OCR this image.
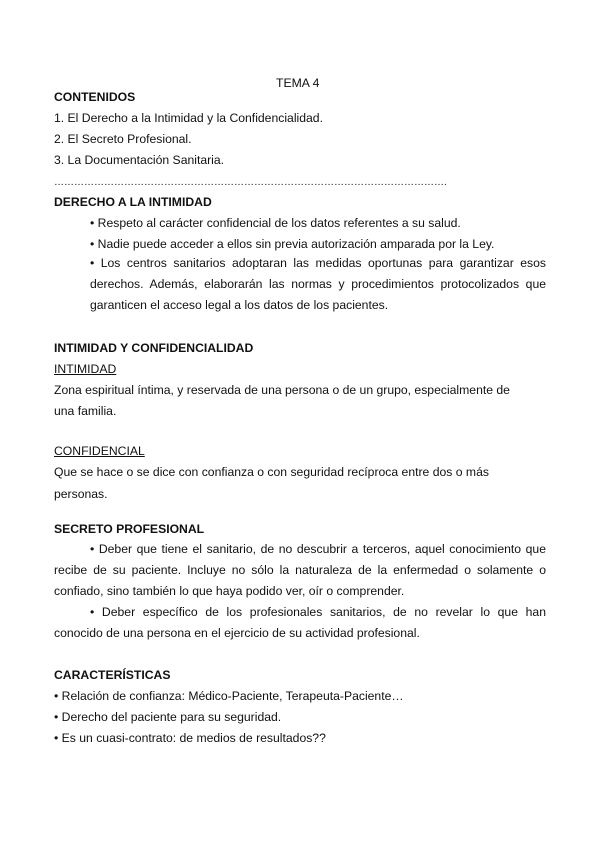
TEMA 4
CONTENIDOS
1. El Derecho a la Intimidad y la Confidencialidad.
2. El Secreto Profesional.
3. La Documentación Sanitaria.
……………………………………………………………………………………………………….
DERECHO A LA INTIMIDAD
• Respeto al carácter confidencial de los datos referentes a su salud.
• Nadie puede acceder a ellos sin previa autorización amparada por la Ley.
• Los centros sanitarios adoptaran las medidas oportunas para garantizar esos derechos. Además, elaborarán las normas y procedimientos protocolizados que garanticen el acceso legal a los datos de los pacientes.
INTIMIDAD Y CONFIDENCIALIDAD
INTIMIDAD
Zona espiritual íntima, y reservada de una persona o de un grupo, especialmente de
una familia.
CONFIDENCIAL
Que se hace o se dice con confianza o con seguridad recíproca entre dos o más
personas.
SECRETO PROFESIONAL
• Deber que tiene el sanitario, de no descubrir a terceros, aquel conocimiento que recibe de su paciente. Incluye no sólo la naturaleza de la enfermedad o solamente o confiado, sino también lo que haya podido ver, oír o comprender.
• Deber específico de los profesionales sanitarios, de no revelar lo que han conocido de una persona en el ejercicio de su actividad profesional.
CARACTERÍSTICAS
• Relación de confianza: Médico-Paciente, Terapeuta-Paciente…
• Derecho del paciente para su seguridad.
• Es un cuasi-contrato: de medios de resultados??
